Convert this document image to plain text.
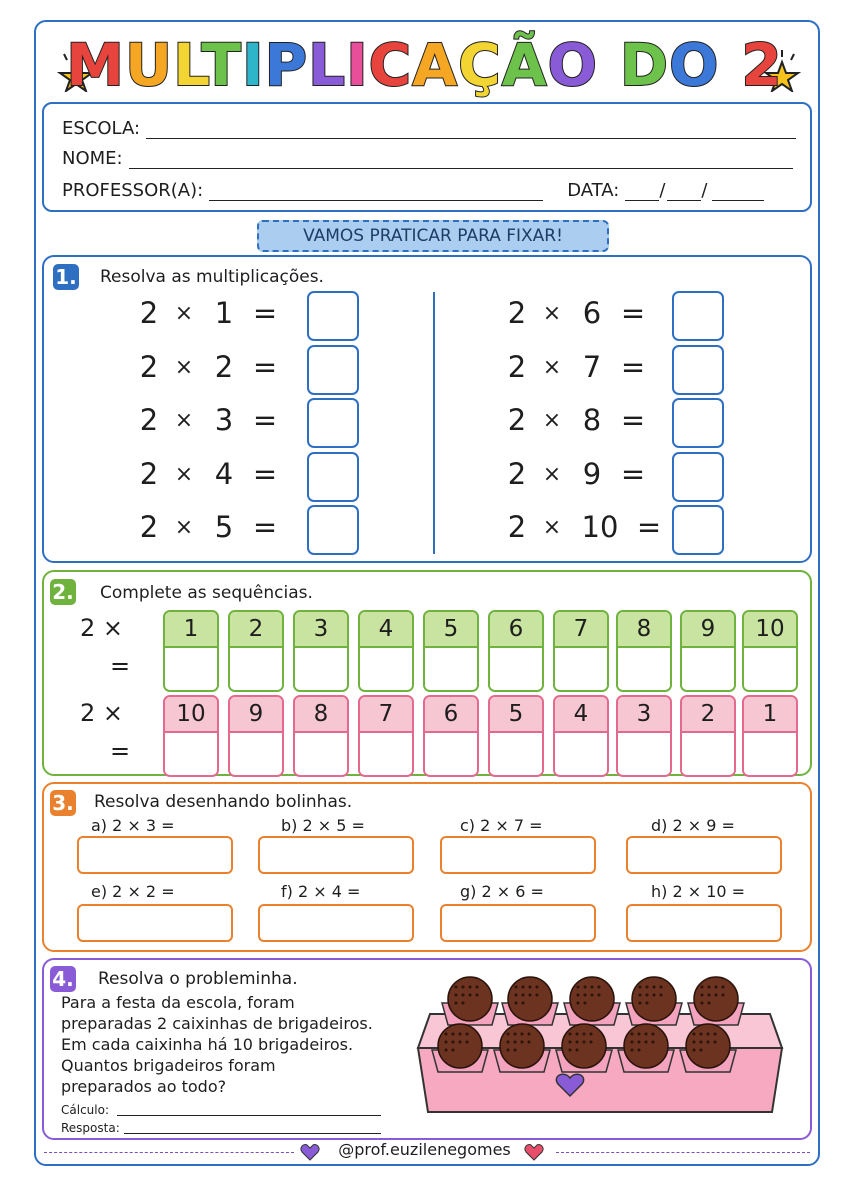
MULTIPLICAÇÃO DO 2
ESCOLA:
NOME:
PROFESSOR(A):	DATA: / /
VAMOS PRATICAR PARA FIXAR!
1. Resolva as multiplicações.
2 × 1 =
2 × 2 =
2 × 3 =
2 × 4 =
2 × 5 =
2 × 6 =
2 × 7 =
2 × 8 =
2 × 9 =
2 × 10 =
2. Complete as sequências.
2 ×
=
2 ×
=
1	2	3	4	5	6	7	8	9	10
10	9	8	7	6	5	4	3	2	1
3. Resolva desenhando bolinhas.
a) 2 × 3 =	b) 2 × 5 =	c) 2 × 7 =	d) 2 × 9 =
e) 2 × 2 =	f) 2 × 4 =	g) 2 × 6 =	h) 2 × 10 =
4. Resolva o probleminha.
Para a festa da escola, foram
preparadas 2 caixinhas de brigadeiros.
Em cada caixinha há 10 brigadeiros.
Quantos brigadeiros foram
preparados ao todo?
Cálculo:
Resposta:
@prof.euzilenegomes
